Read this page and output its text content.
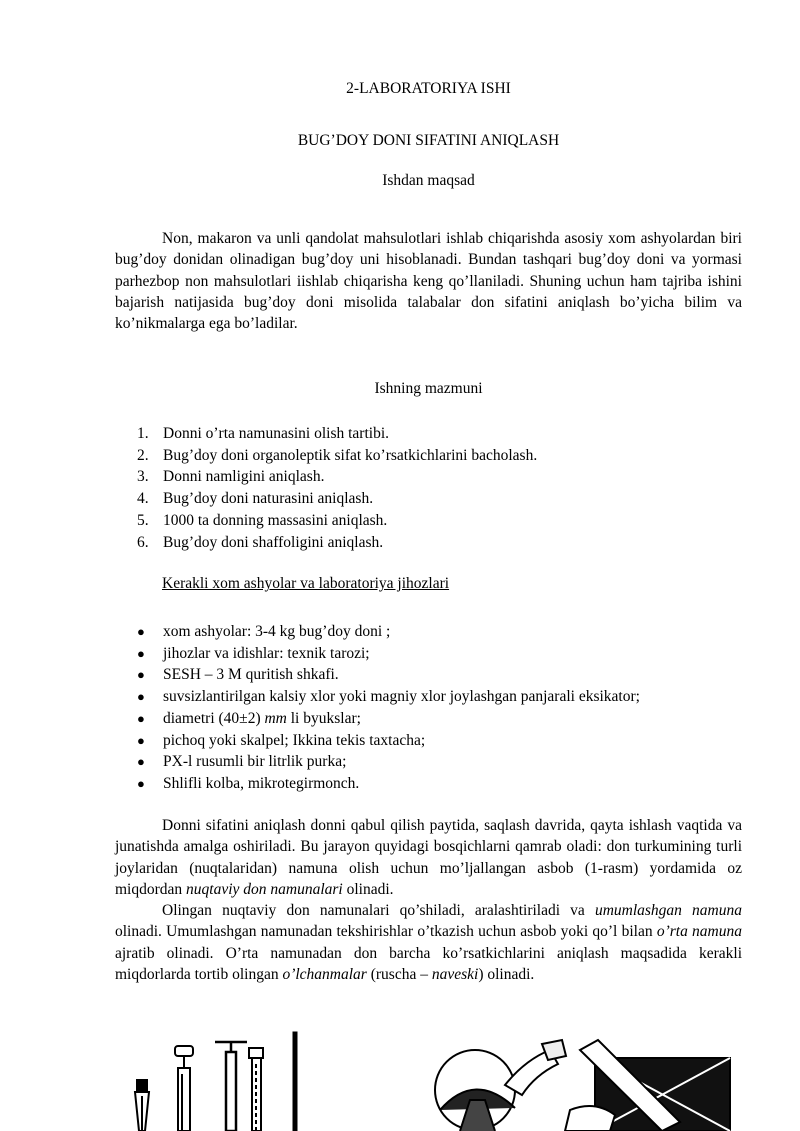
2-LABORATORIYA ISHI
BUG’DOY DONI SIFATINI ANIQLASH
Ishdan maqsad

Non, makaron va unli qandolat mahsulotlari ishlab chiqarishda asosiy xom ashyolardan biri bug’doy donidan olinadigan bug’doy uni hisoblanadi. Bundan tashqari bug’doy doni va yormasi parhezbop non mahsulotlari iishlab chiqarisha keng qo’llaniladi. Shuning uchun ham tajriba ishini bajarish natijasida bug’doy doni misolida talabalar don sifatini aniqlash bo’yicha bilim va ko’nikmalarga ega bo’ladilar.

Ishning mazmuni
1. Donni o’rta namunasini olish tartibi.
2. Bug’doy doni organoleptik sifat ko’rsatkichlarini bacholash.
3. Donni namligini aniqlash.
4. Bug’doy doni naturasini aniqlash.
5. 1000 ta donning massasini aniqlash.
6. Bug’doy doni shaffoligini aniqlash.
Kerakli xom ashyolar va laboratoriya jihozlari
● xom ashyolar: 3-4 kg bug’doy doni ;
● jihozlar va idishlar: texnik tarozi;
● SESH – 3 M quritish shkafi.
● suvsizlantirilgan kalsiy xlor yoki magniy xlor joylashgan panjarali eksikator;
● diametri (40±2) mm li byukslar;
● pichoq yoki skalpel; Ikkina tekis taxtacha;
● PX-l rusumli bir litrlik purka;
● Shlifli kolba, mikrotegirmonch.

Donni sifatini aniqlash donni qabul qilish paytida, saqlash davrida, qayta ishlash vaqtida va junatishda amalga oshiriladi. Bu jarayon quyidagi bosqichlarni qamrab oladi: don turkumining turli joylaridan (nuqtalaridan) namuna olish uchun mo’ljallangan asbob (1-rasm) yordamida oz miqdordan nuqtaviy don namunalari olinadi.

Olingan nuqtaviy don namunalari qo’shiladi, aralashtiriladi va umumlashgan namuna olinadi. Umumlashgan namunadan tekshirishlar o’tkazish uchun asbob yoki qo’l bilan o’rta namuna ajratib olinadi. O’rta namunadan don barcha ko’rsatkichlarini aniqlash maqsadida kerakli miqdorlarda tortib olingan o’lchanmalar (ruscha – naveski) olinadi.
